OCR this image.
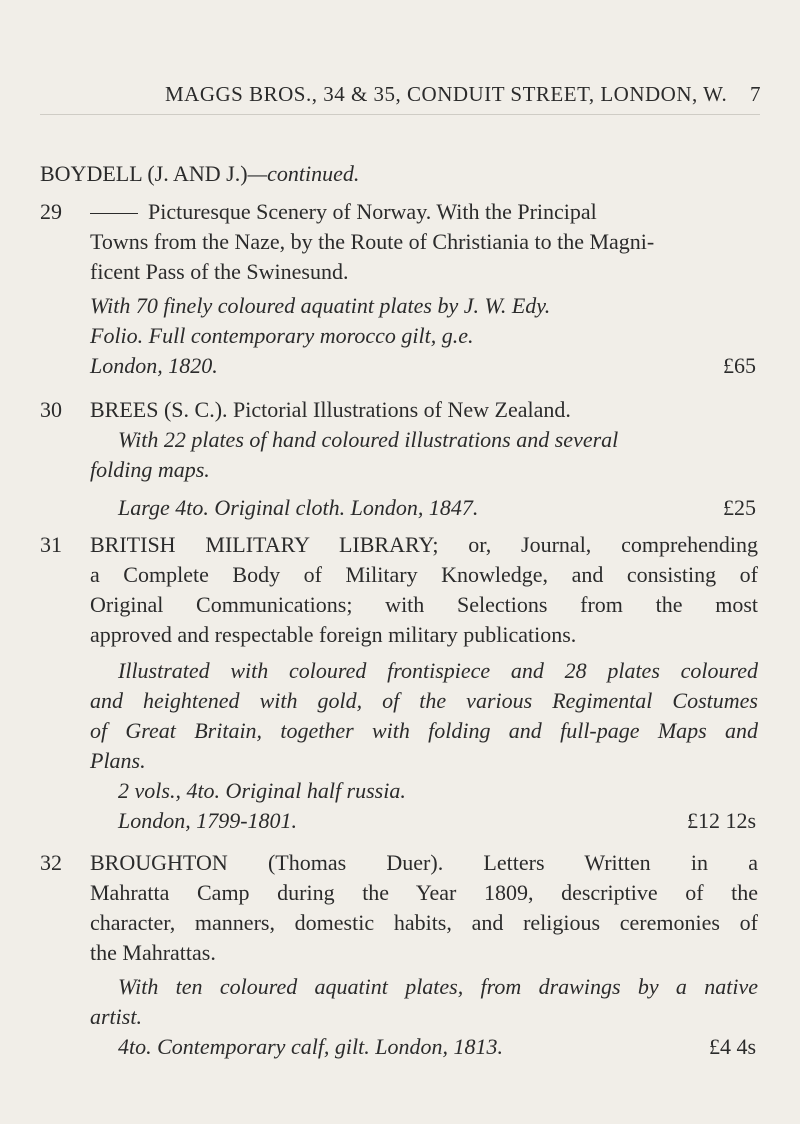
MAGGS BROS., 34 & 35, CONDUIT STREET, LONDON, W. 7
BOYDELL (J. AND J.)—continued.
29	Picturesque Scenery of Norway. With the Principal
Towns from the Naze, by the Route of Christiania to the Magni-
ficent Pass of the Swinesund.
With 70 finely coloured aquatint plates by J. W. Edy.
Folio. Full contemporary morocco gilt, g.e.
London, 1820.	£65
30	BREES (S. C.). Pictorial Illustrations of New Zealand.
With 22 plates of hand coloured illustrations and several
folding maps.
Large 4to. Original cloth. London, 1847.	£25
31	BRITISH MILITARY LIBRARY; or, Journal, comprehending
a Complete Body of Military Knowledge, and consisting of
Original Communications; with Selections from the most
approved and respectable foreign military publications.
Illustrated with coloured frontispiece and 28 plates coloured
and heightened with gold, of the various Regimental Costumes
of Great Britain, together with folding and full-page Maps and
Plans.
2 vols., 4to. Original half russia.
London, 1799-1801.	£12 12s
32	BROUGHTON (Thomas Duer). Letters Written in a
Mahratta Camp during the Year 1809, descriptive of the
character, manners, domestic habits, and religious ceremonies of
the Mahrattas.
With ten coloured aquatint plates, from drawings by a native
artist.
4to. Contemporary calf, gilt. London, 1813.	£4 4s
